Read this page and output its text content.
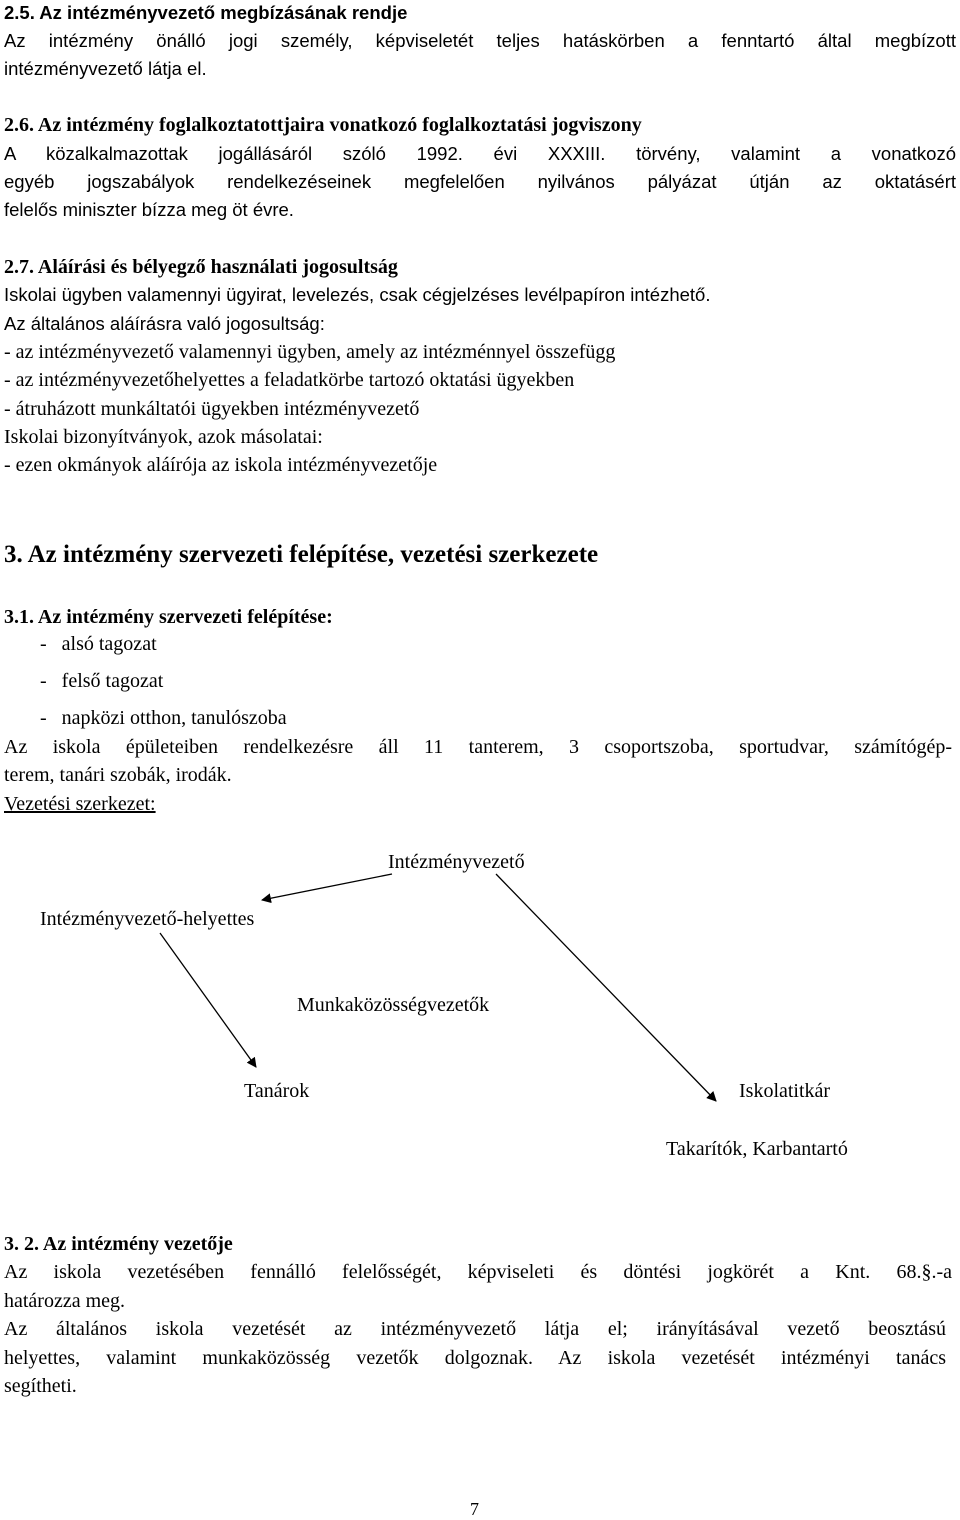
2.5. Az intézményvezető megbízásának rendje
Az intézmény önálló jogi személy, képviseletét teljes hatáskörben a fenntartó által megbízott
intézményvezető látja el.
2.6. Az intézmény foglalkoztatottjaira vonatkozó foglalkoztatási jogviszony
A közalkalmazottak jogállásáról szóló 1992. évi XXXIII. törvény, valamint a vonatkozó
egyéb jogszabályok rendelkezéseinek megfelelően nyilvános pályázat útján az oktatásért
felelős miniszter bízza meg öt évre.
2.7. Aláírási és bélyegző használati jogosultság
Iskolai ügyben valamennyi ügyirat, levelezés, csak cégjelzéses levélpapíron intézhető.
Az általános aláírásra való jogosultság:
- az intézményvezető valamennyi ügyben, amely az intézménnyel összefügg
- az intézményvezetőhelyettes a feladatkörbe tartozó oktatási ügyekben
- átruházott munkáltatói ügyekben intézményvezető
Iskolai bizonyítványok, azok másolatai:
- ezen okmányok aláírója az iskola intézményvezetője
3. Az intézmény szervezeti felépítése, vezetési szerkezete
3.1. Az intézmény szervezeti felépítése:
-   alsó tagozat
-   felső tagozat
-   napközi otthon, tanulószoba
Az iskola épületeiben rendelkezésre áll 11 tanterem, 3 csoportszoba, sportudvar, számítógép-
terem, tanári szobák, irodák.
Vezetési szerkezet:
Intézményvezető
Intézményvezető-helyettes
Munkaközösségvezetők
Tanárok	Iskolatitkár
Takarítók, Karbantartó
3. 2. Az intézmény vezetője
Az iskola vezetésében fennálló felelősségét, képviseleti és döntési jogkörét a Knt. 68.§.-a
határozza meg.
Az általános iskola vezetését az intézményvezető látja el; irányításával vezető beosztású
helyettes, valamint munkaközösség vezetők dolgoznak. Az iskola vezetését intézményi tanács
segítheti.
7
